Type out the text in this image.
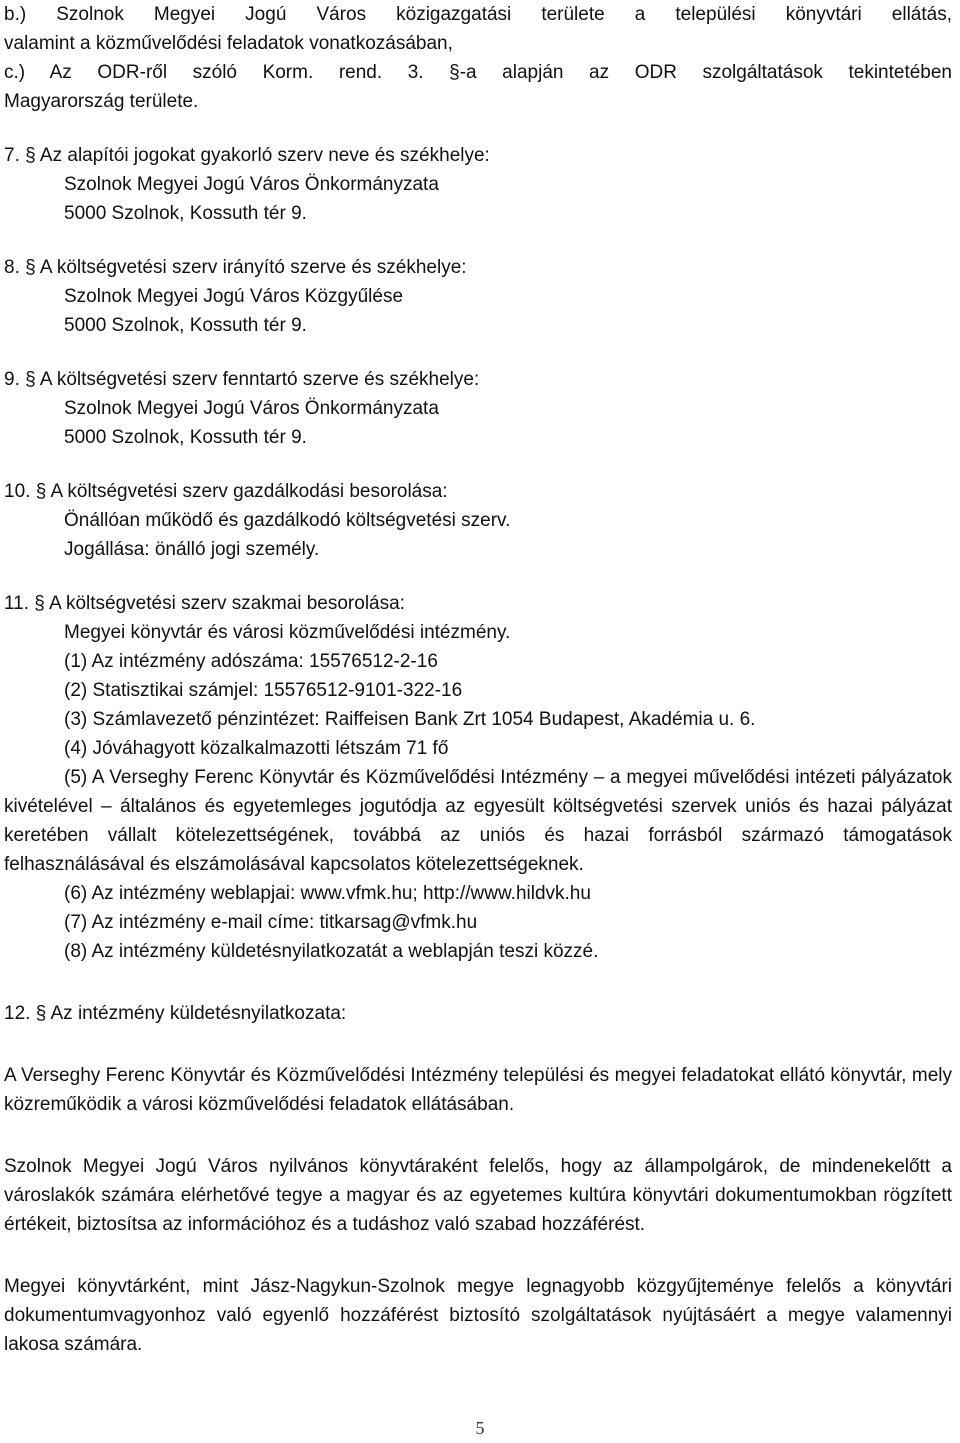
b.) Szolnok Megyei Jogú Város közigazgatási területe a települési könyvtári ellátás,

valamint a közművelődési feladatok vonatkozásában,

c.) Az ODR-ről szóló Korm. rend. 3. §-a alapján az ODR szolgáltatások tekintetében

Magyarország területe.

7. § Az alapítói jogokat gyakorló szerv neve és székhelye:

Szolnok Megyei Jogú Város Önkormányzata

5000 Szolnok, Kossuth tér 9.

8. § A költségvetési szerv irányító szerve és székhelye:

Szolnok Megyei Jogú Város Közgyűlése

5000 Szolnok, Kossuth tér 9.

9. § A költségvetési szerv fenntartó szerve és székhelye:

Szolnok Megyei Jogú Város Önkormányzata

5000 Szolnok, Kossuth tér 9.

10. § A költségvetési szerv gazdálkodási besorolása:

Önállóan működő és gazdálkodó költségvetési szerv.

Jogállása: önálló jogi személy.

11. § A költségvetési szerv szakmai besorolása:

Megyei könyvtár és városi közművelődési intézmény.

(1) Az intézmény adószáma: 15576512-2-16

(2) Statisztikai számjel: 15576512-9101-322-16

(3) Számlavezető pénzintézet: Raiffeisen Bank Zrt 1054 Budapest, Akadémia u. 6.

(4) Jóváhagyott közalkalmazotti létszám 71 fő

(5) A Verseghy Ferenc Könyvtár és Közművelődési Intézmény – a megyei művelődési intézeti pályázatok kivételével – általános és egyetemleges jogutódja az egyesült költségvetési szervek uniós és hazai pályázat keretében vállalt kötelezettségének, továbbá az uniós és hazai forrásból származó támogatások felhasználásával és elszámolásával kapcsolatos kötelezettségeknek.

(6) Az intézmény weblapjai: www.vfmk.hu; http://www.hildvk.hu

(7) Az intézmény e-mail címe: titkarsag@vfmk.hu

(8) Az intézmény küldetésnyilatkozatát a weblapján teszi közzé.

12. § Az intézmény küldetésnyilatkozata:

A Verseghy Ferenc Könyvtár és Közművelődési Intézmény települési és megyei feladatokat ellátó könyvtár, mely közreműködik a városi közművelődési feladatok ellátásában.

Szolnok Megyei Jogú Város nyilvános könyvtáraként felelős, hogy az állampolgárok, de mindenekelőtt a városlakók számára elérhetővé tegye a magyar és az egyetemes kultúra könyvtári dokumentumokban rögzített értékeit, biztosítsa az információhoz és a tudáshoz való szabad hozzáférést.

Megyei könyvtárként, mint Jász-Nagykun-Szolnok megye legnagyobb közgyűjteménye felelős a könyvtári dokumentumvagyonhoz való egyenlő hozzáférést biztosító szolgáltatások nyújtásáért a megye valamennyi lakosa számára.

5
